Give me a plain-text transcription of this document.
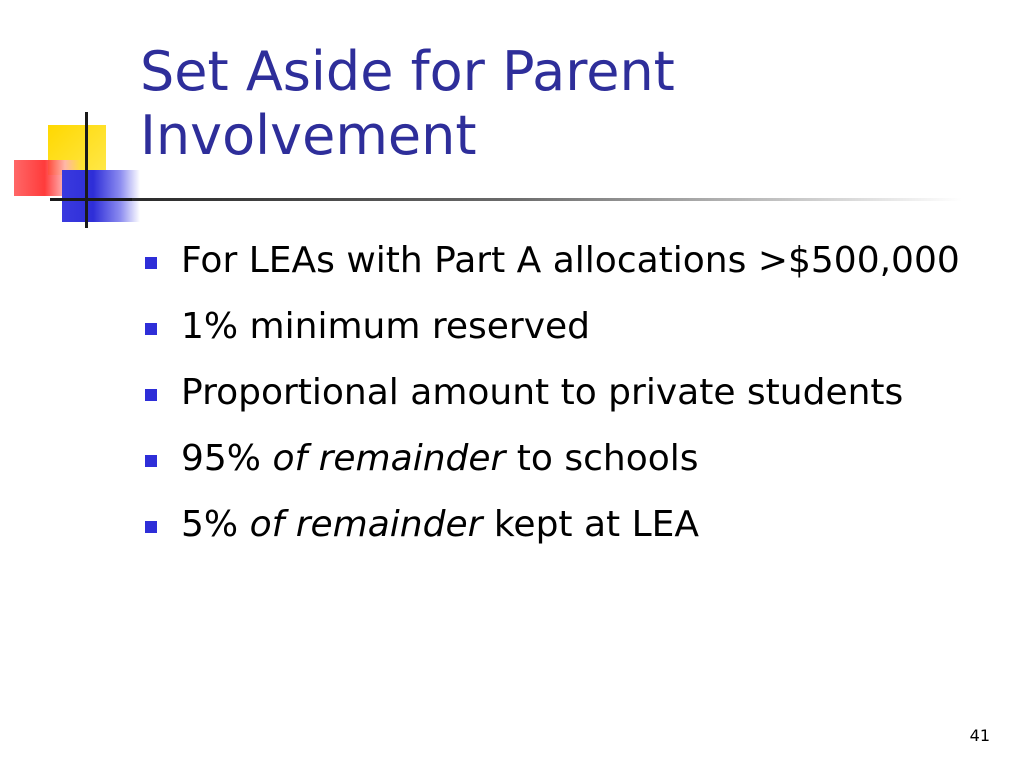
Set Aside for Parent Involvement
For LEAs with Part A allocations >$500,000
1% minimum reserved
Proportional amount to private students
95% of remainder to schools
5% of remainder kept at LEA
41
